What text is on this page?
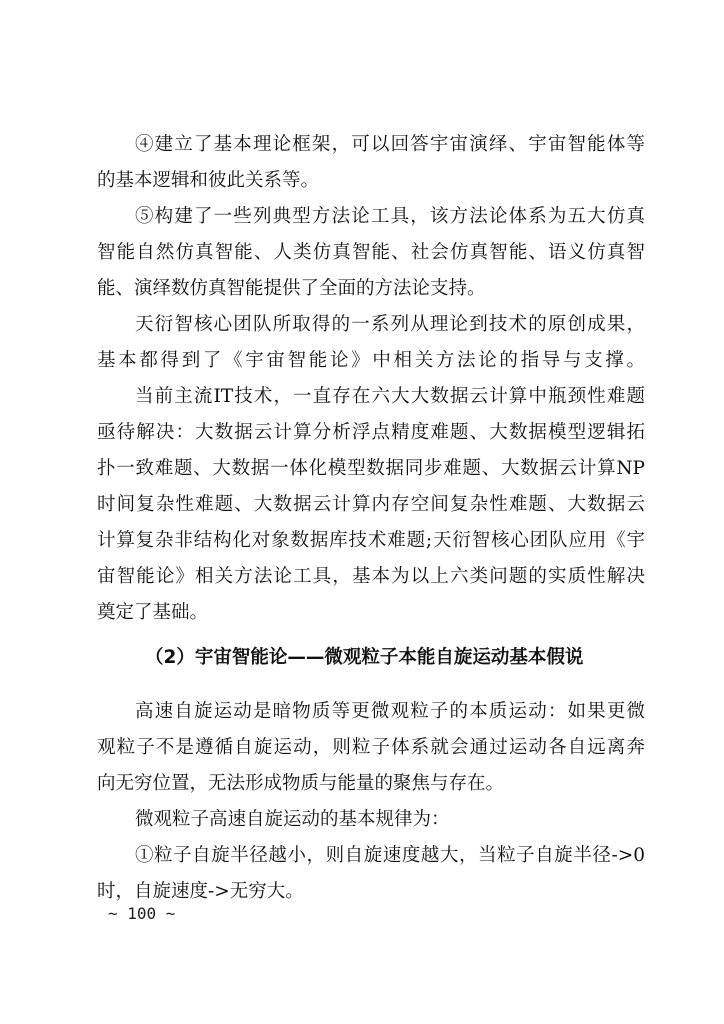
④建立了基本理论框架，可以回答宇宙演绎、宇宙智能体等
的基本逻辑和彼此关系等。
⑤构建了一些列典型方法论工具，该方法论体系为五大仿真
智能自然仿真智能、人类仿真智能、社会仿真智能、语义仿真智
能、演绎数仿真智能提供了全面的方法论支持。
天衍智核心团队所取得的一系列从理论到技术的原创成果，
基本都得到了《宇宙智能论》中相关方法论的指导与支撑。
当前主流IT技术，一直存在六大大数据云计算中瓶颈性难题
亟待解决：大数据云计算分析浮点精度难题、大数据模型逻辑拓
扑一致难题、大数据一体化模型数据同步难题、大数据云计算NP
时间复杂性难题、大数据云计算内存空间复杂性难题、大数据云
计算复杂非结构化对象数据库技术难题;天衍智核心团队应用《宇
宙智能论》相关方法论工具，基本为以上六类问题的实质性解决
奠定了基础。
（2）宇宙智能论——微观粒子本能自旋运动基本假说
高速自旋运动是暗物质等更微观粒子的本质运动：如果更微
观粒子不是遵循自旋运动，则粒子体系就会通过运动各自远离奔
向无穷位置，无法形成物质与能量的聚焦与存在。
微观粒子高速自旋运动的基本规律为：
①粒子自旋半径越小，则自旋速度越大，当粒子自旋半径->0
时，自旋速度->无穷大。
~ 100 ~
